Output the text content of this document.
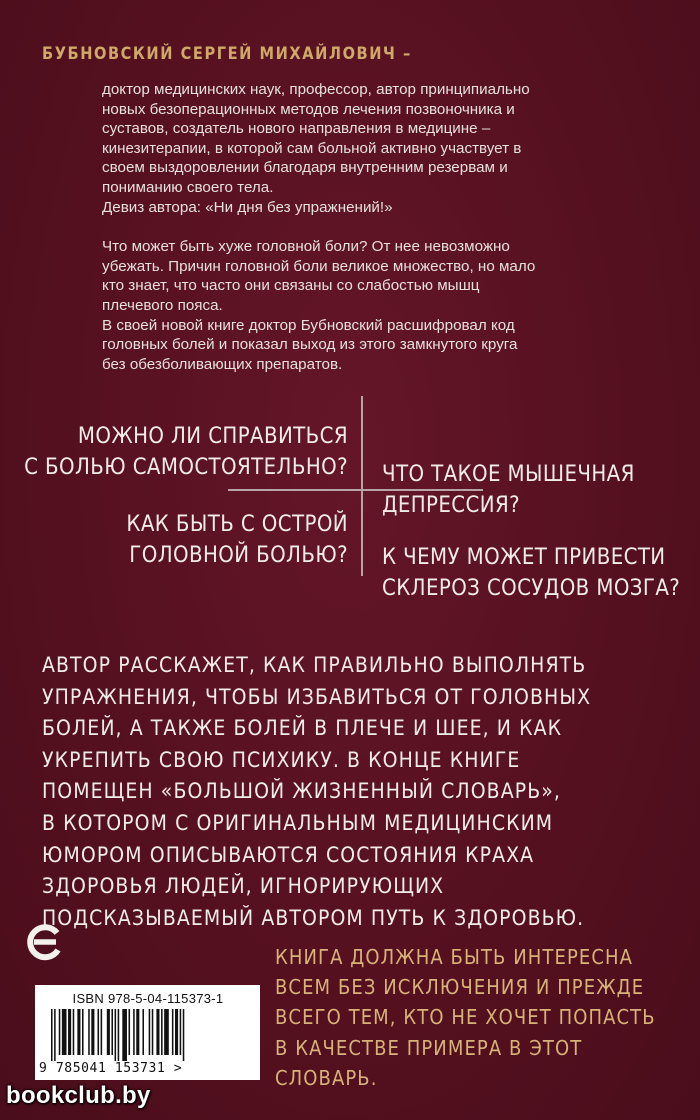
БУБНОВСКИЙ СЕРГЕЙ МИХАЙЛОВИЧ –

доктор медицинских наук, профессор, автор принципиально

новых безоперационных методов лечения позвоночника и

суставов, создатель нового направления в медицине –

кинезитерапии, в которой сам больной активно участвует в

своем выздоровлении благодаря внутренним резервам и

пониманию своего тела.

Девиз автора: «Ни дня без упражнений!»

Что может быть хуже головной боли? От нее невозможно

убежать. Причин головной боли великое множество, но мало

кто знает, что часто они связаны со слабостью мышц

плечевого пояса.

В своей новой книге доктор Бубновский расшифровал код

головных болей и показал выход из этого замкнутого круга

без обезболивающих препаратов.

МОЖНО ЛИ СПРАВИТЬСЯ
С БОЛЬЮ САМОСТОЯТЕЛЬНО? ЧТО ТАКОЕ МЫШЕЧНАЯ
ДЕПРЕССИЯ?
КАК БЫТЬ С ОСТРОЙ
ГОЛОВНОЙ БОЛЬЮ? К ЧЕМУ МОЖЕТ ПРИВЕСТИ
СКЛЕРОЗ СОСУДОВ МОЗГА?
АВТОР РАССКАЖЕТ, КАК ПРАВИЛЬНО ВЫПОЛНЯТЬ
УПРАЖНЕНИЯ, ЧТОБЫ ИЗБАВИТЬСЯ ОТ ГОЛОВНЫХ
БОЛЕЙ, А ТАКЖЕ БОЛЕЙ В ПЛЕЧЕ И ШЕЕ, И КАК
УКРЕПИТЬ СВОЮ ПСИХИКУ. В КОНЦЕ КНИГЕ
ПОМЕЩЕН «БОЛЬШОЙ ЖИЗНЕННЫЙ СЛОВАРЬ»,
В КОТОРОМ С ОРИГИНАЛЬНЫМ МЕДИЦИНСКИМ
ЮМОРОМ ОПИСЫВАЮТСЯ СОСТОЯНИЯ КРАХА
ЗДОРОВЬЯ ЛЮДЕЙ, ИГНОРИРУЮЩИХ
ПОДСКАЗЫВАЕМЫЙ АВТОРОМ ПУТЬ К ЗДОРОВЬЮ.
КНИГА ДОЛЖНА БЫТЬ ИНТЕРЕСНА
ВСЕМ БЕЗ ИСКЛЮЧЕНИЯ И ПРЕЖДЕ
ВСЕГО ТЕМ, КТО НЕ ХОЧЕТ ПОПАСТЬ
В КАЧЕСТВЕ ПРИМЕРА В ЭТОТ
СЛОВАРЬ.
ISBN 978-5-04-115373-1
9 785041 153731 >
bookclub.by
